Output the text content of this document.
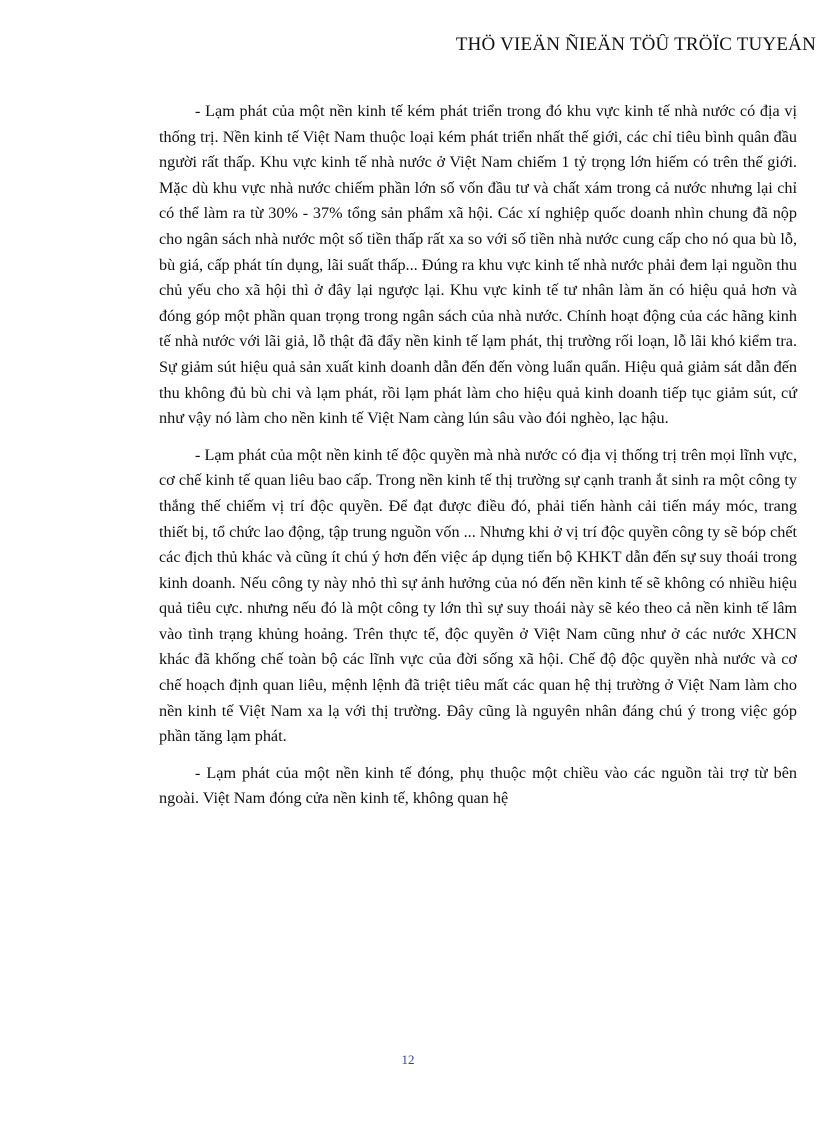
THÖ VIEÄN ÑIEÄN TÖÛ TRÖÏC TUYEÁN

- Lạm phát của một nền kinh tế kém phát triển trong đó khu vực kinh tế nhà nước có địa vị thống trị. Nền kinh tế Việt Nam thuộc loại kém phát triển nhất thế giới, các chỉ tiêu bình quân đầu người rất thấp. Khu vực kinh tế nhà nước ở Việt Nam chiếm 1 tỷ trọng lớn hiếm có trên thế giới. Mặc dù khu vực nhà nước chiếm phần lớn số vốn đầu tư và chất xám trong cả nước nhưng lại chỉ có thể làm ra từ 30% - 37% tổng sản phẩm xã hội. Các xí nghiệp quốc doanh nhìn chung đã nộp cho ngân sách nhà nước một số tiền thấp rất xa so với số tiền nhà nước cung cấp cho nó qua bù lỗ, bù giá, cấp phát tín dụng, lãi suất thấp... Đúng ra khu vực kinh tế nhà nước phải đem lại nguồn thu chủ yếu cho xã hội thì ở đây lại ngược lại. Khu vực kinh tế tư nhân làm ăn có hiệu quả hơn và đóng góp một phần quan trọng trong ngân sách của nhà nước. Chính hoạt động của các hãng kinh tế nhà nước với lãi giả, lỗ thật đã đẩy nền kinh tế lạm phát, thị trường rối loạn, lỗ lãi khó kiểm tra. Sự giảm sút hiệu quả sản xuất kinh doanh dẫn đến đến vòng luẩn quẩn. Hiệu quả giảm sát dẫn đến thu không đủ bù chi và lạm phát, rồi lạm phát làm cho hiệu quả kinh doanh tiếp tục giảm sút, cứ như vậy nó làm cho nền kinh tế Việt Nam càng lún sâu vào đói nghèo, lạc hậu.

- Lạm phát của một nền kinh tế độc quyền mà nhà nước có địa vị thống trị trên mọi lĩnh vực, cơ chế kinh tế quan liêu bao cấp. Trong nền kinh tế thị trường sự cạnh tranh ắt sinh ra một công ty thắng thế chiếm vị trí độc quyền. Để đạt được điều đó, phải tiến hành cải tiến máy móc, trang thiết bị, tổ chức lao động, tập trung nguồn vốn ... Nhưng khi ở vị trí độc quyền công ty sẽ bóp chết các địch thủ khác và cũng ít chú ý hơn đến việc áp dụng tiến bộ KHKT dẫn đến sự suy thoái trong kinh doanh. Nếu công ty này nhỏ thì sự ảnh hưởng của nó đến nền kinh tế sẽ không có nhiều hiệu quả tiêu cực. nhưng nếu đó là một công ty lớn thì sự suy thoái này sẽ kéo theo cả nền kinh tế lâm vào tình trạng khủng hoảng. Trên thực tế, độc quyền ở Việt Nam cũng như ở các nước XHCN khác đã khống chế toàn bộ các lĩnh vực của đời sống xã hội. Chế độ độc quyền nhà nước và cơ chế hoạch định quan liêu, mệnh lệnh đã triệt tiêu mất các quan hệ thị trường ở Việt Nam làm cho nền kinh tế Việt Nam xa lạ với thị trường. Đây cũng là nguyên nhân đáng chú ý trong việc góp phần tăng lạm phát.

- Lạm phát của một nền kinh tế đóng, phụ thuộc một chiều vào các nguồn tài trợ từ bên ngoài. Việt Nam đóng cửa nền kinh tế, không quan hệ

12
